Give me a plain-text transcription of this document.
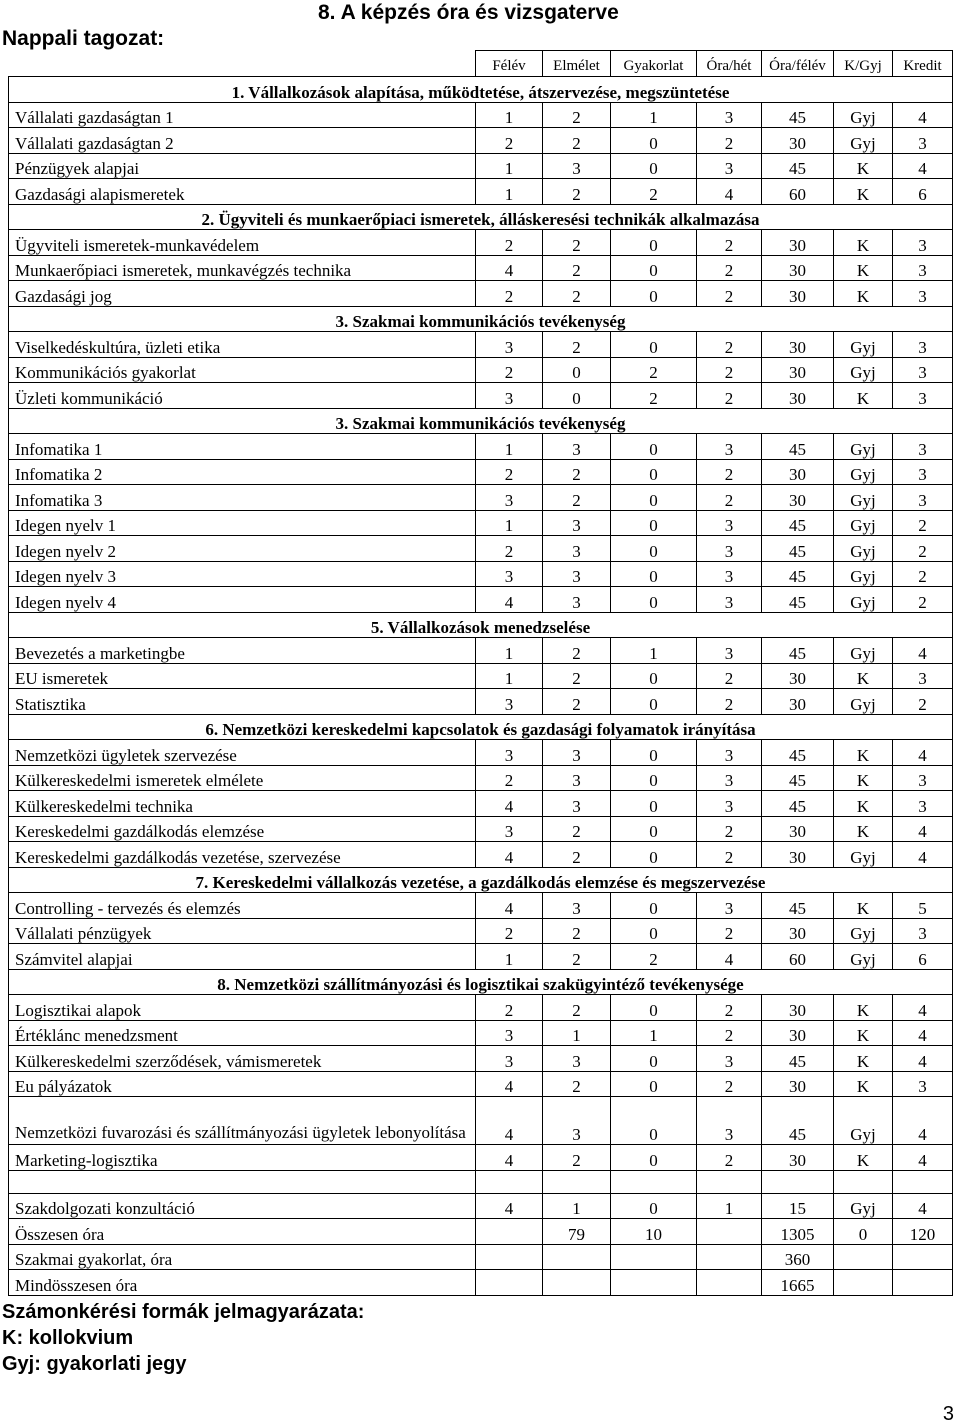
8. A képzés óra és vizsgaterve
Nappali tagozat:
	Félév	Elmélet	Gyakorlat	Óra/hét	Óra/félév	K/Gyj	Kredit
1. Vállalkozások alapítása, működtetése, átszervezése, megszüntetése							
Vállalati gazdaságtan 1	1	2	1	3	45	Gyj	4
Vállalati gazdaságtan 2	2	2	0	2	30	Gyj	3
Pénzügyek alapjai	1	3	0	3	45	K	4
Gazdasági alapismeretek	1	2	2	4	60	K	6
2. Ügyviteli és munkaerőpiaci ismeretek, álláskeresési technikák alkalmazása							
Ügyviteli ismeretek-munkavédelem	2	2	0	2	30	K	3
Munkaerőpiaci ismeretek, munkavégzés technika	4	2	0	2	30	K	3
Gazdasági jog	2	2	0	2	30	K	3
3. Szakmai kommunikációs tevékenység							
Viselkedéskultúra, üzleti etika	3	2	0	2	30	Gyj	3
Kommunikációs gyakorlat	2	0	2	2	30	Gyj	3
Üzleti kommunikáció	3	0	2	2	30	K	3
3. Szakmai kommunikációs tevékenység							
Infomatika 1	1	3	0	3	45	Gyj	3
Infomatika 2	2	2	0	2	30	Gyj	3
Infomatika 3	3	2	0	2	30	Gyj	3
Idegen nyelv 1	1	3	0	3	45	Gyj	2
Idegen nyelv 2	2	3	0	3	45	Gyj	2
Idegen nyelv 3	3	3	0	3	45	Gyj	2
Idegen nyelv 4	4	3	0	3	45	Gyj	2
5. Vállalkozások menedzselése							
Bevezetés a marketingbe	1	2	1	3	45	Gyj	4
EU ismeretek	1	2	0	2	30	K	3
Statisztika	3	2	0	2	30	Gyj	2
6. Nemzetközi kereskedelmi kapcsolatok és gazdasági folyamatok irányítása							
Nemzetközi ügyletek szervezése	3	3	0	3	45	K	4
Külkereskedelmi ismeretek elmélete	2	3	0	3	45	K	3
Külkereskedelmi technika	4	3	0	3	45	K	3
Kereskedelmi gazdálkodás elemzése	3	2	0	2	30	K	4
Kereskedelmi gazdálkodás vezetése, szervezése	4	2	0	2	30	Gyj	4
7. Kereskedelmi vállalkozás vezetése, a gazdálkodás elemzése és megszervezése							
Controlling - tervezés és elemzés	4	3	0	3	45	K	5
Vállalati pénzügyek	2	2	0	2	30	Gyj	3
Számvitel alapjai	1	2	2	4	60	Gyj	6
8. Nemzetközi szállítmányozási és logisztikai szakügyintéző tevékenysége							
Logisztikai alapok	2	2	0	2	30	K	4
Értéklánc menedzsment	3	1	1	2	30	K	4
Külkereskedelmi szerződések, vámismeretek	3	3	0	3	45	K	4
Eu pályázatok	4	2	0	2	30	K	3
Nemzetközi fuvarozási és szállítmányozási ügyletek lebonyolítása	4	3	0	3	45	Gyj	4
Marketing-logisztika	4	2	0	2	30	K	4

Szakdolgozati konzultáció	4	1	0	1	15	Gyj	4
Összesen óra		79	10		1305	0	120
Szakmai gyakorlat, óra					360		
Mindösszesen óra					1665		
Számonkérési formák jelmagyarázata:
K: kollokvium
Gyj: gyakorlati jegy
3
